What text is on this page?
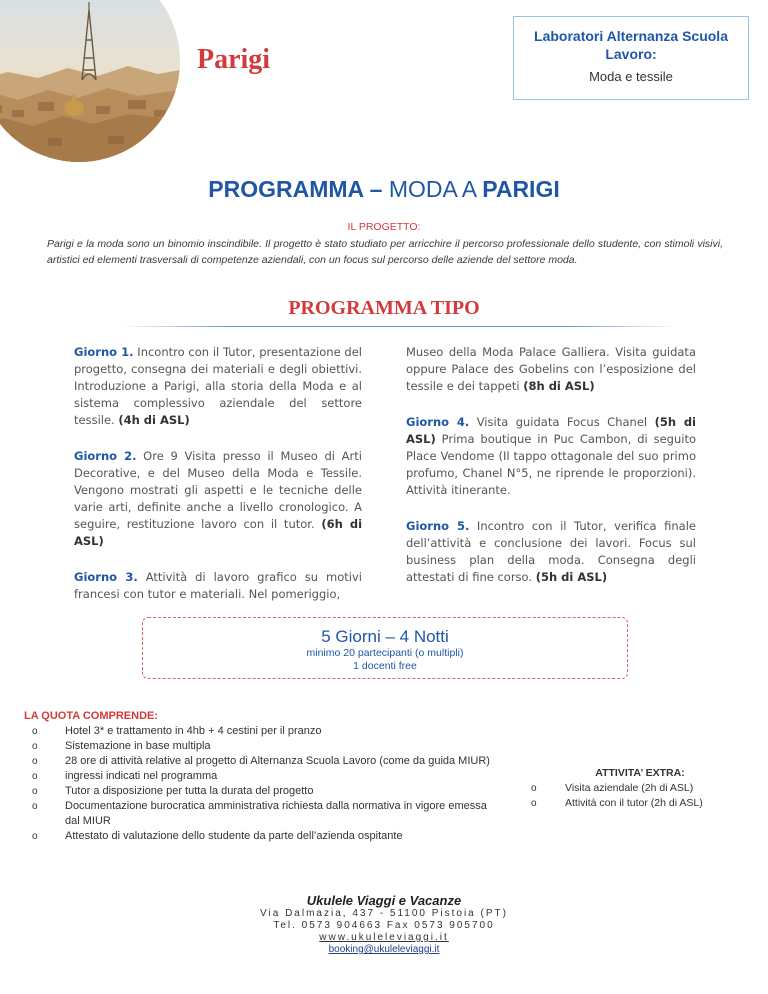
Parigi
Laboratori Alternanza Scuola Lavoro:
Moda e tessile
PROGRAMMA – MODA A PARIGI
IL PROGETTO:
Parigi e la moda sono un binomio inscindibile. Il progetto è stato studiato per arricchire il percorso professionale dello studente, con stimoli visivi, artistici ed elementi trasversali di competenze aziendali, con un focus sul percorso delle aziende del settore moda.
PROGRAMMA TIPO

Giorno 1. Incontro con il Tutor, presentazione del progetto, consegna dei materiali e degli obiettivi. Introduzione a Parigi, alla storia della Moda e al sistema complessivo aziendale del settore tessile. (4h di ASL)

Giorno 2. Ore 9 Visita presso il Museo di Arti Decorative, e del Museo della Moda e Tessile. Vengono mostrati gli aspetti e le tecniche delle varie arti, definite anche a livello cronologico. A seguire, restituzione lavoro con il tutor. (6h di ASL)

Giorno 3. Attività di lavoro grafico su motivi francesi con tutor e materiali. Nel pomeriggio,

Museo della Moda Palace Galliera. Visita guidata oppure Palace des Gobelins con l’esposizione del tessile e dei tappeti (8h di ASL)

Giorno 4. Visita guidata Focus Chanel (5h di ASL) Prima boutique in Puc Cambon, di seguito Place Vendome (Il tappo ottagonale del suo primo profumo, Chanel N°5, ne riprende le proporzioni). Attività itinerante.

Giorno 5. Incontro con il Tutor, verifica finale dell’attività e conclusione dei lavori. Focus sul business plan della moda. Consegna degli attestati di fine corso. (5h di ASL)

5 Giorni – 4 Notti
minimo 20 partecipanti (o multipli)
1 docenti free
LA QUOTA COMPRENDE:
o Hotel 3* e trattamento in 4hb + 4 cestini per il pranzo
o Sistemazione in base multipla
o 28 ore di attività relative al progetto di Alternanza Scuola Lavoro (come da guida MIUR)
o ingressi indicati nel programma
o Tutor a disposizione per tutta la durata del progetto
o Documentazione burocratica amministrativa richiesta dalla normativa in vigore emessa dal MIUR
o Attestato di valutazione dello studente da parte dell’azienda ospitante
ATTIVITA’ EXTRA:
o	Visita aziendale (2h di ASL)
o	Attività con il tutor (2h di ASL)
Ukulele Viaggi e Vacanze
Via Dalmazia, 437 - 51100 Pistoia (PT)
Tel. 0573 904663 Fax 0573 905700
www.ukuleleviaggi.it
booking@ukuleleviaggi.it
